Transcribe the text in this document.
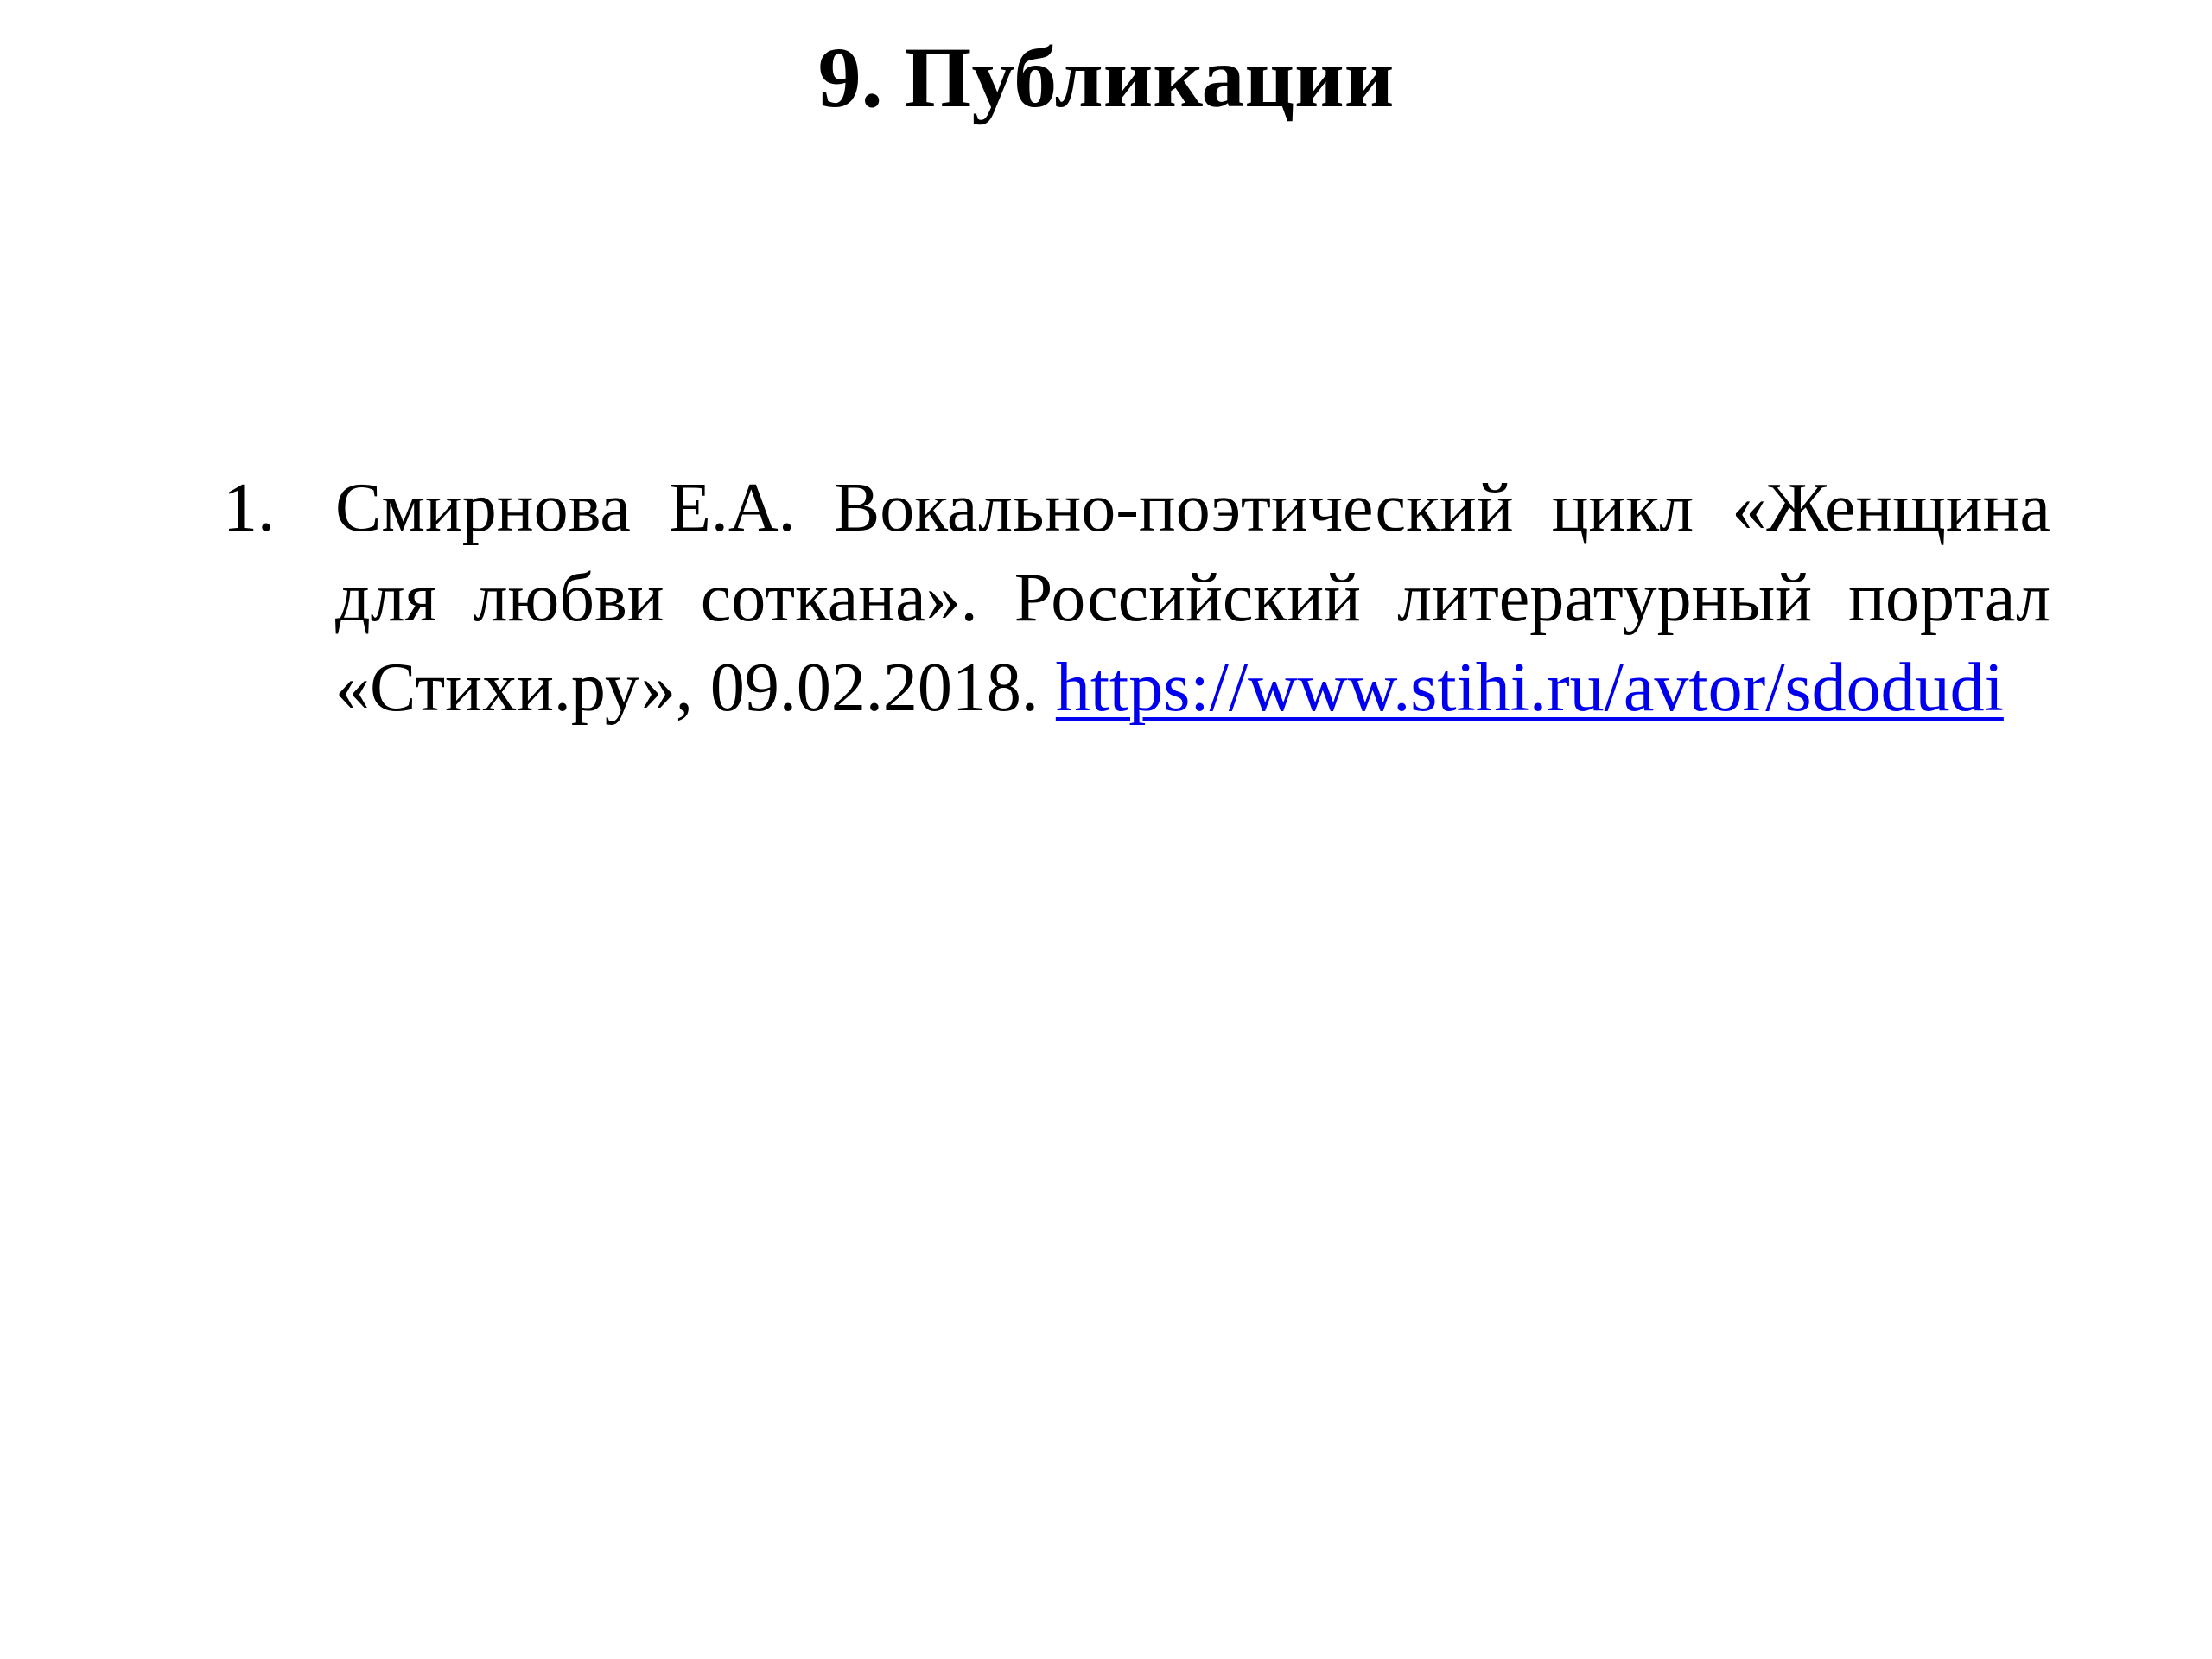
9. Публикации
1. Смирнова Е.А. Вокально-поэтический цикл «Женщина для любви соткана». Российский литературный портал «Стихи.ру», 09.02.2018. https://www.stihi.ru/avtor/sdodudi
